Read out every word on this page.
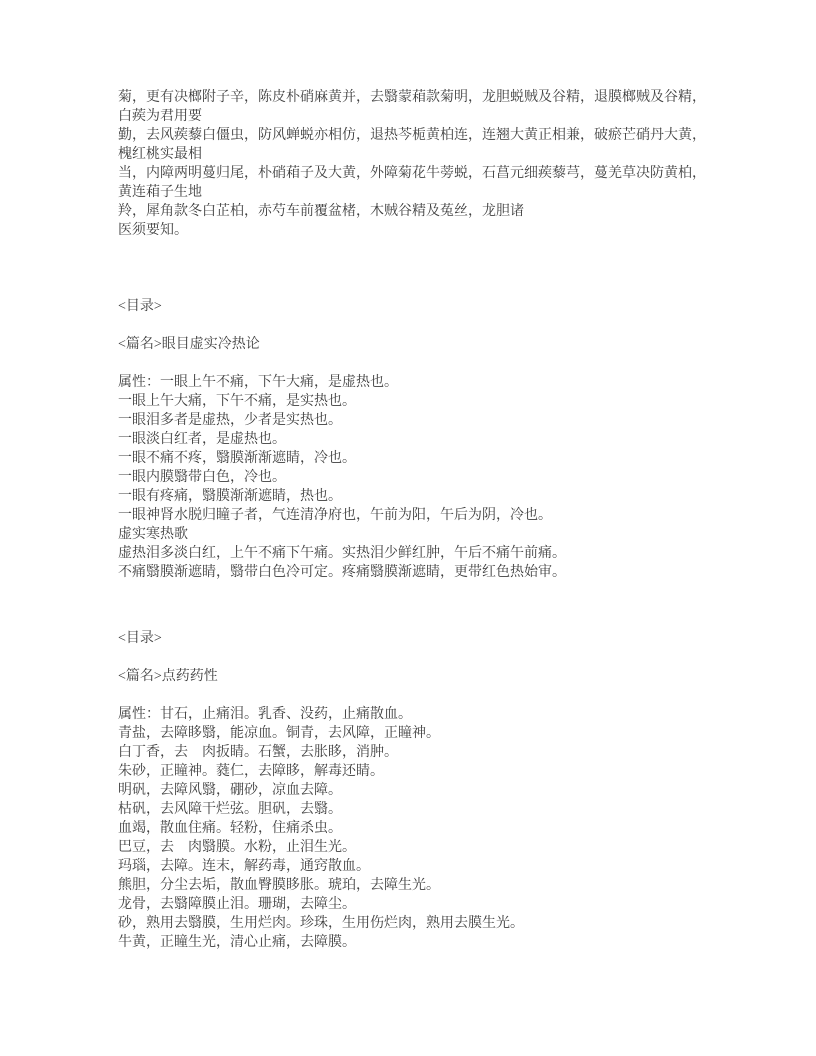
菊，更有决榔附子辛，陈皮朴硝麻黄并，去翳蒙葙款菊明，龙胆蜕贼及谷精，退膜榔贼及谷精，
白蒺为君用要
勤，去风蒺藜白僵虫，防风蝉蜕亦相仿，退热芩栀黄柏连，连翘大黄正相兼，破瘀芒硝丹大黄，
槐红桃实最相
当，内障两明蔓归尾，朴硝葙子及大黄，外障菊花牛蒡蜕，石菖元细蒺藜芎，蔓羌草决防黄柏，
黄连葙子生地
羚，犀角款冬白芷柏，赤芍车前覆盆楮，木贼谷精及菟丝，龙胆诸
医须要知。
<目录>
<篇名>眼目虚实冷热论
属性：一眼上午不痛，下午大痛，是虚热也。
一眼上午大痛，下午不痛，是实热也。
一眼泪多者是虚热，少者是实热也。
一眼淡白红者，是虚热也。
一眼不痛不疼，翳膜渐渐遮睛，冷也。
一眼内膜翳带白色，冷也。
一眼有疼痛，翳膜渐渐遮睛，热也。
一眼神肾水脱归瞳子者，气连清净府也，午前为阳，午后为阴，冷也。
虚实寒热歌
虚热泪多淡白红，上午不痛下午痛。实热泪少鲜红肿，午后不痛午前痛。
不痛翳膜渐遮睛，翳带白色冷可定。疼痛翳膜渐遮睛，更带红色热始审。
<目录>
<篇名>点药药性
属性：甘石，止痛泪。乳香、没药，止痛散血。
青盐，去障眵翳，能凉血。铜青，去风障，正瞳神。
白丁香，去　肉扳睛。石蟹，去胀眵，消肿。
朱砂，正瞳神。蕤仁，去障眵，解毒还睛。
明矾，去障风翳，硼砂，凉血去障。
枯矾，去风障干烂弦。胆矾，去翳。
血竭，散血住痛。轻粉，住痛杀虫。
巴豆，去　肉翳膜。水粉，止泪生光。
玛瑙，去障。连末，解药毒，通窍散血。
熊胆，分尘去垢，散血臀膜眵胀。琥珀，去障生光。
龙骨，去翳障膜止泪。珊瑚，去障尘。
砂，熟用去翳膜，生用烂肉。珍珠，生用伤烂肉，熟用去膜生光。
牛黄，正瞳生光，清心止痛，去障膜。
